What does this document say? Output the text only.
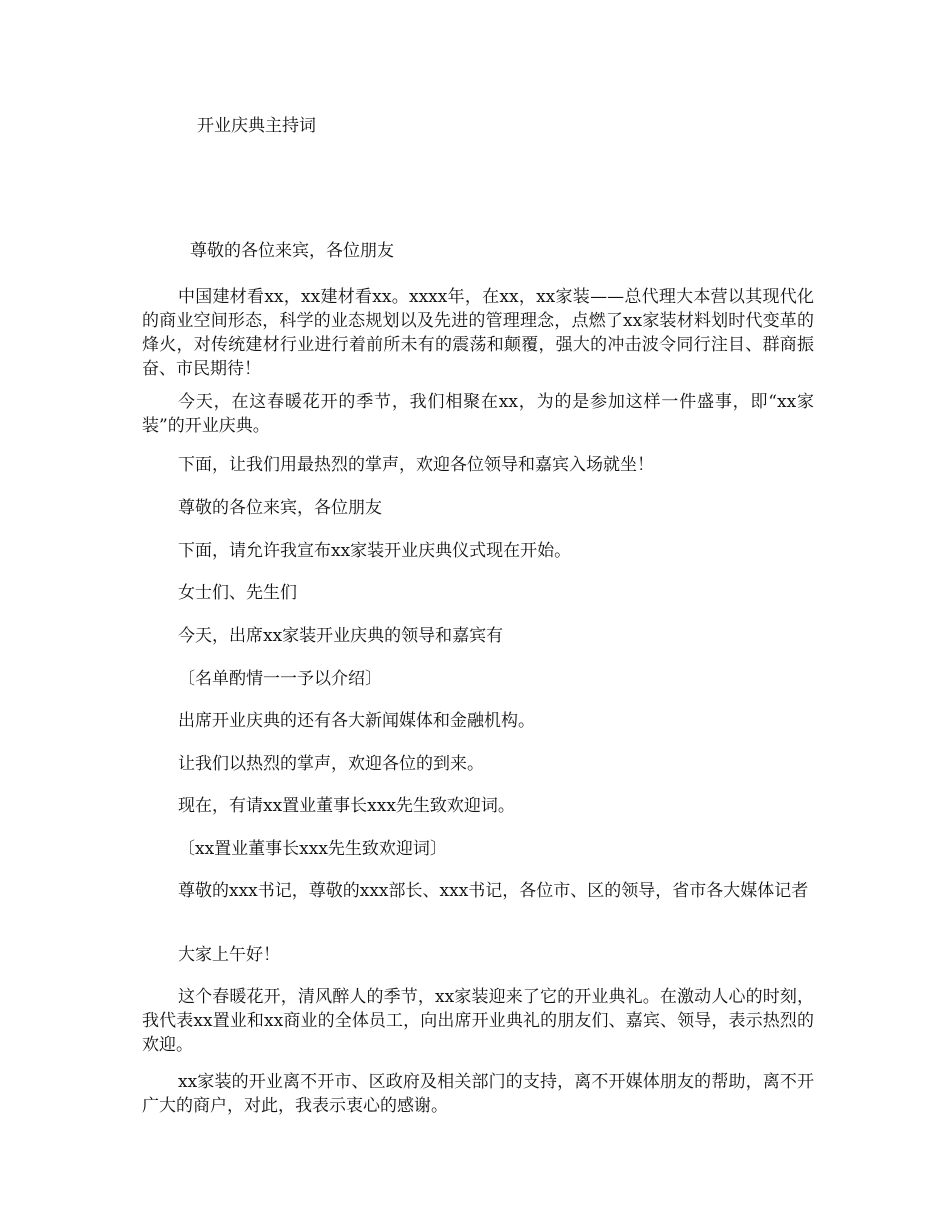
开业庆典主持词
尊敬的各位来宾，各位朋友
中国建材看xx，xx建材看xx。xxxx年，在xx，xx家装——总代理大本营以其现代化的商业空间形态，科学的业态规划以及先进的管理理念，点燃了xx家装材料划时代变革的烽火，对传统建材行业进行着前所未有的震荡和颠覆，强大的冲击波令同行注目、群商振奋、市民期待！
今天，在这春暖花开的季节，我们相聚在xx，为的是参加这样一件盛事，即“xx家装”的开业庆典。
下面，让我们用最热烈的掌声，欢迎各位领导和嘉宾入场就坐！
尊敬的各位来宾，各位朋友
下面，请允许我宣布xx家装开业庆典仪式现在开始。
女士们、先生们
今天，出席xx家装开业庆典的领导和嘉宾有
〔名单酌情一一予以介绍〕
出席开业庆典的还有各大新闻媒体和金融机构。
让我们以热烈的掌声，欢迎各位的到来。
现在，有请xx置业董事长xxx先生致欢迎词。
〔xx置业董事长xxx先生致欢迎词〕
尊敬的xxx书记，尊敬的xxx部长、xxx书记，各位市、区的领导，省市各大媒体记者
大家上午好！
这个春暖花开，清风醉人的季节，xx家装迎来了它的开业典礼。在激动人心的时刻，我代表xx置业和xx商业的全体员工，向出席开业典礼的朋友们、嘉宾、领导，表示热烈的欢迎。
xx家装的开业离不开市、区政府及相关部门的支持，离不开媒体朋友的帮助，离不开广大的商户，对此，我表示衷心的感谢。
